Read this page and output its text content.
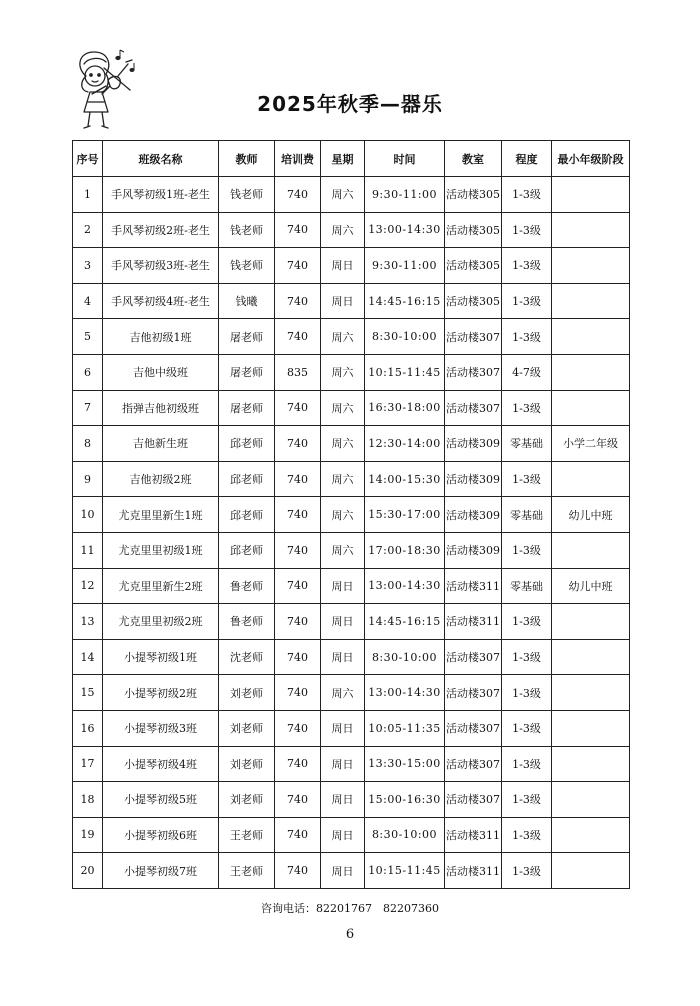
2025年秋季—器乐
序号	班级名称	教师	培训费	星期	时间	教室	程度	最小年级阶段
1	手风琴初级1班-老生	钱老师	740	周六	9:30-11:00	活动楼305	1-3级	
2	手风琴初级2班-老生	钱老师	740	周六	13:00-14:30	活动楼305	1-3级	
3	手风琴初级3班-老生	钱老师	740	周日	9:30-11:00	活动楼305	1-3级	
4	手风琴初级4班-老生	钱曦	740	周日	14:45-16:15	活动楼305	1-3级	
5	吉他初级1班	屠老师	740	周六	8:30-10:00	活动楼307	1-3级	
6	吉他中级班	屠老师	835	周六	10:15-11:45	活动楼307	4-7级	
7	指弹吉他初级班	屠老师	740	周六	16:30-18:00	活动楼307	1-3级	
8	吉他新生班	邱老师	740	周六	12:30-14:00	活动楼309	零基础	小学二年级
9	吉他初级2班	邱老师	740	周六	14:00-15:30	活动楼309	1-3级	
10	尤克里里新生1班	邱老师	740	周六	15:30-17:00	活动楼309	零基础	幼儿中班
11	尤克里里初级1班	邱老师	740	周六	17:00-18:30	活动楼309	1-3级	
12	尤克里里新生2班	鲁老师	740	周日	13:00-14:30	活动楼311	零基础	幼儿中班
13	尤克里里初级2班	鲁老师	740	周日	14:45-16:15	活动楼311	1-3级	
14	小提琴初级1班	沈老师	740	周日	8:30-10:00	活动楼307	1-3级	
15	小提琴初级2班	刘老师	740	周六	13:00-14:30	活动楼307	1-3级	
16	小提琴初级3班	刘老师	740	周日	10:05-11:35	活动楼307	1-3级	
17	小提琴初级4班	刘老师	740	周日	13:30-15:00	活动楼307	1-3级	
18	小提琴初级5班	刘老师	740	周日	15:00-16:30	活动楼307	1-3级	
19	小提琴初级6班	王老师	740	周日	8:30-10:00	活动楼311	1-3级	
20	小提琴初级7班	王老师	740	周日	10:15-11:45	活动楼311	1-3级	
咨询电话：82201767　82207360
6
